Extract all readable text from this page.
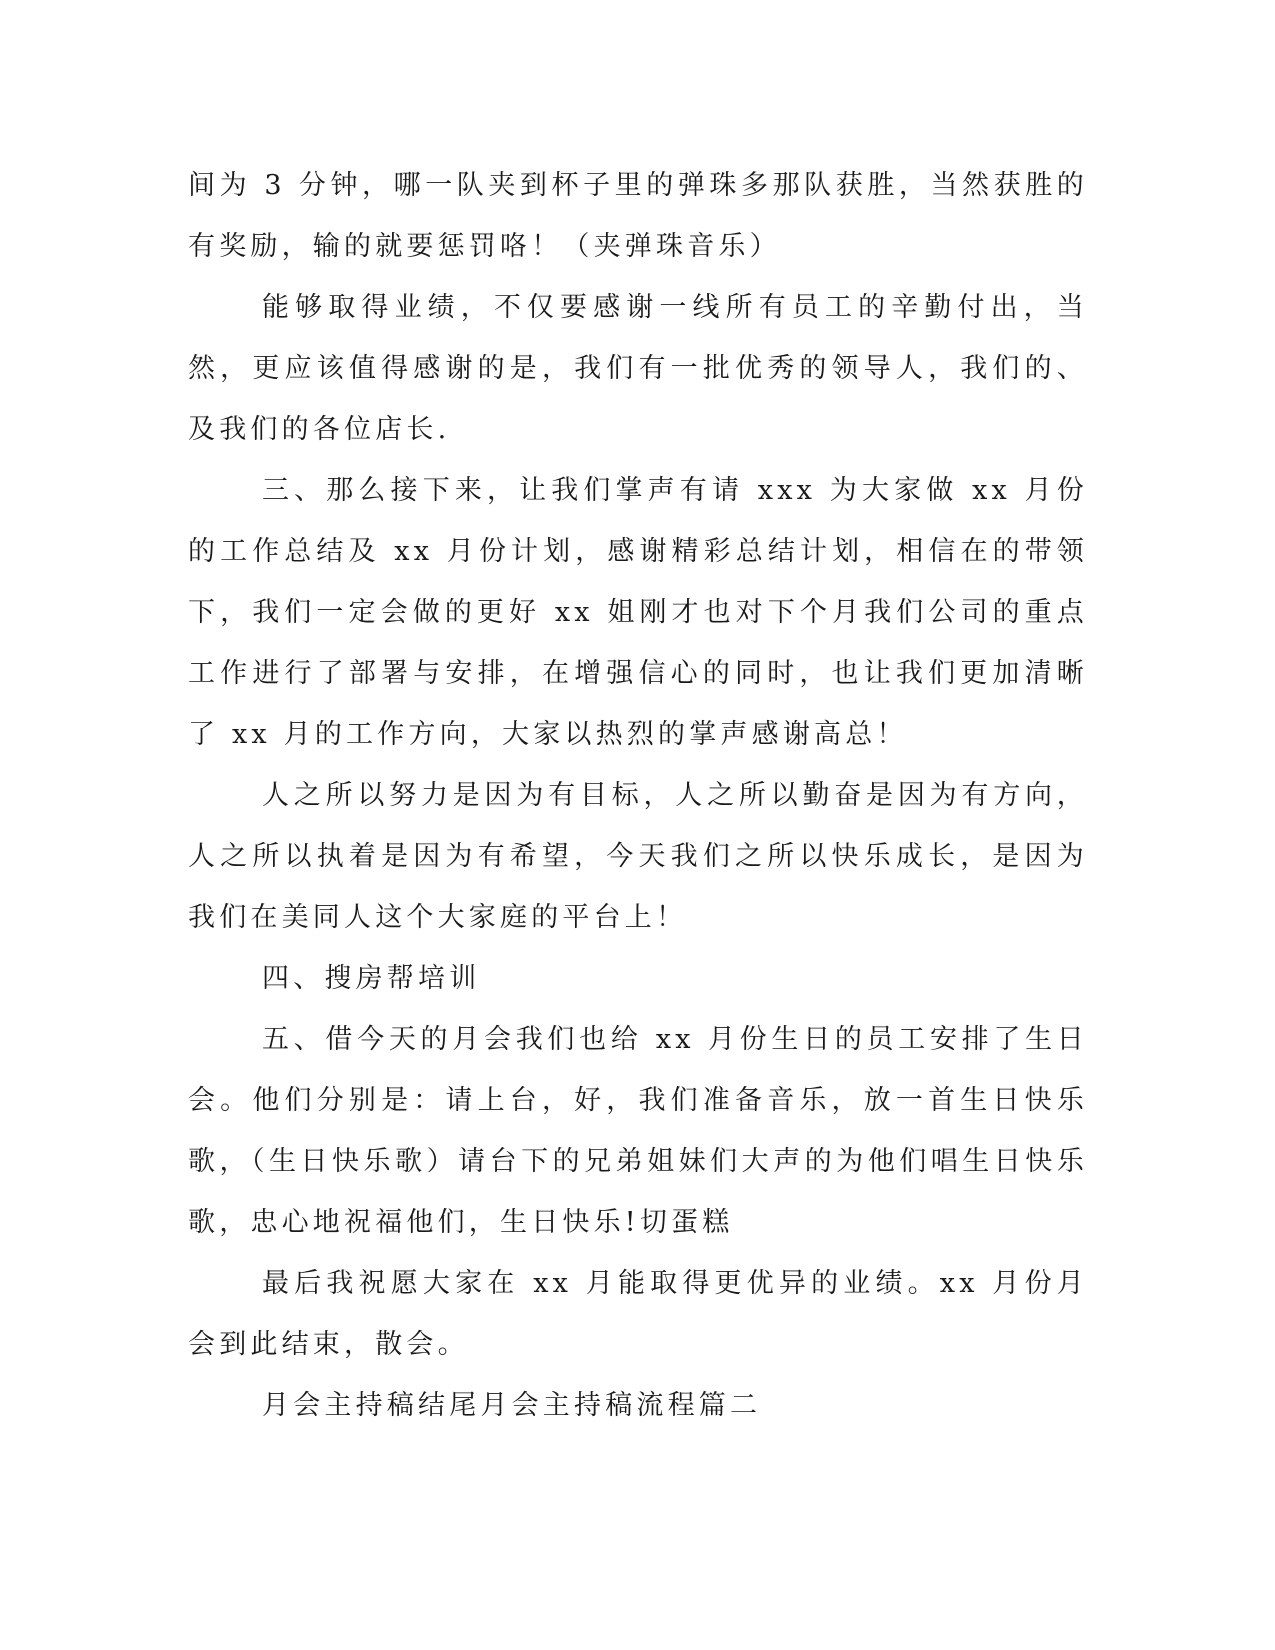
间为 3 分钟，哪一队夹到杯子里的弹珠多那队获胜，当然获胜的有奖励，输的就要惩罚咯！（夹弹珠音乐）

能够取得业绩，不仅要感谢一线所有员工的辛勤付出，当然，更应该值得感谢的是，我们有一批优秀的领导人，我们的、及我们的各位店长.

三、那么接下来，让我们掌声有请 xxx 为大家做 xx 月份的工作总结及 xx 月份计划，感谢精彩总结计划，相信在的带领下，我们一定会做的更好 xx 姐刚才也对下个月我们公司的重点工作进行了部署与安排，在增强信心的同时，也让我们更加清晰了 xx 月的工作方向，大家以热烈的掌声感谢高总！

人之所以努力是因为有目标，人之所以勤奋是因为有方向，人之所以执着是因为有希望，今天我们之所以快乐成长，是因为我们在美同人这个大家庭的平台上！

四、搜房帮培训

五、借今天的月会我们也给 xx 月份生日的员工安排了生日会。他们分别是：请上台，好，我们准备音乐，放一首生日快乐歌，（生日快乐歌）请台下的兄弟姐妹们大声的为他们唱生日快乐歌，忠心地祝福他们，生日快乐!切蛋糕

最后我祝愿大家在 xx 月能取得更优异的业绩。xx 月份月会到此结束，散会。

月会主持稿结尾月会主持稿流程篇二
